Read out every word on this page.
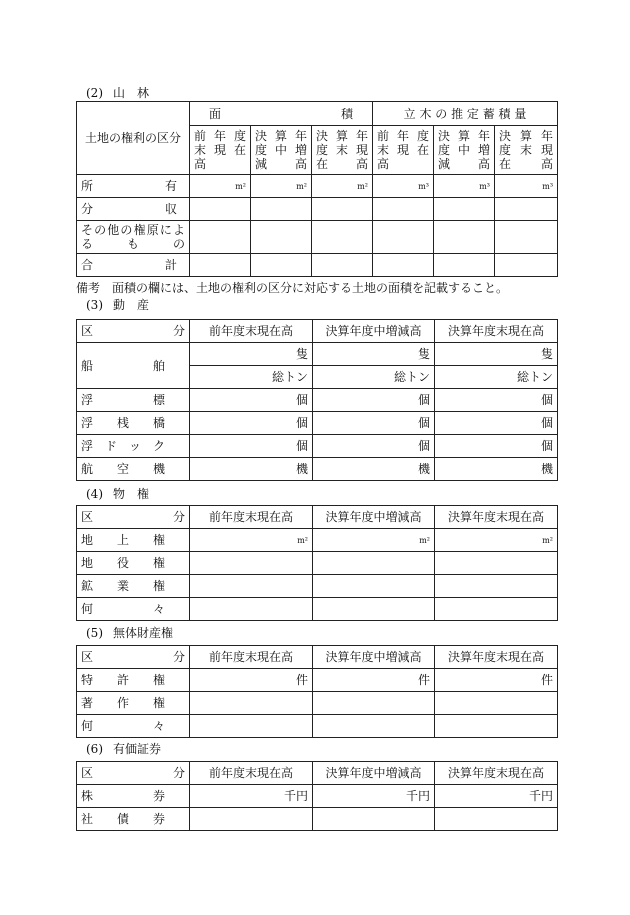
(2) 山　林
土地の権利の区分	面　　　　　　　　　　積			立 木 の 推 定 蓄 積 量		
	前 年 度 末 現 在 高	決 算 年 度 中 増 減 高	決 算 年 度 末 現 在 高	前 年 度 末 現 在 高	決 算 年 度 中 増 減 高	決 算 年 度 末 現 在 高
所　　　　　　有	m²	m²	m²	m³	m³	m³
分　　　　　　収						
その他の権原によ る も の						
合　　　　　　計						
備考　面積の欄には、土地の権利の区分に対応する土地の面積を記載すること。
(3) 動　産
区　　　　　分	前年度末現在高	決算年度中増減高	決算年度末現在高
船　　　　　舶	隻	隻	隻
	総トン	総トン	総トン
浮　　　　　標	個	個	個
浮　　桟　　橋	個	個	個
浮　ド　ッ　ク	個	個	個
航　　空　　機	機	機	機
(4) 物　権
区　　　　　分	前年度末現在高	決算年度中増減高	決算年度末現在高
地　　上　　権	m²	m²	m²
地　　役　　権			
鉱　　業　　権			
何　　　　　々			
(5) 無体財産権
区　　　　　分	前年度末現在高	決算年度中増減高	決算年度末現在高
特　　許　　権	件	件	件
著　　作　　権			
何　　　　　々			
(6) 有価証券
区　　　　　分	前年度末現在高	決算年度中増減高	決算年度末現在高
株　　　　　券	千円	千円	千円
社　　債　　券			
